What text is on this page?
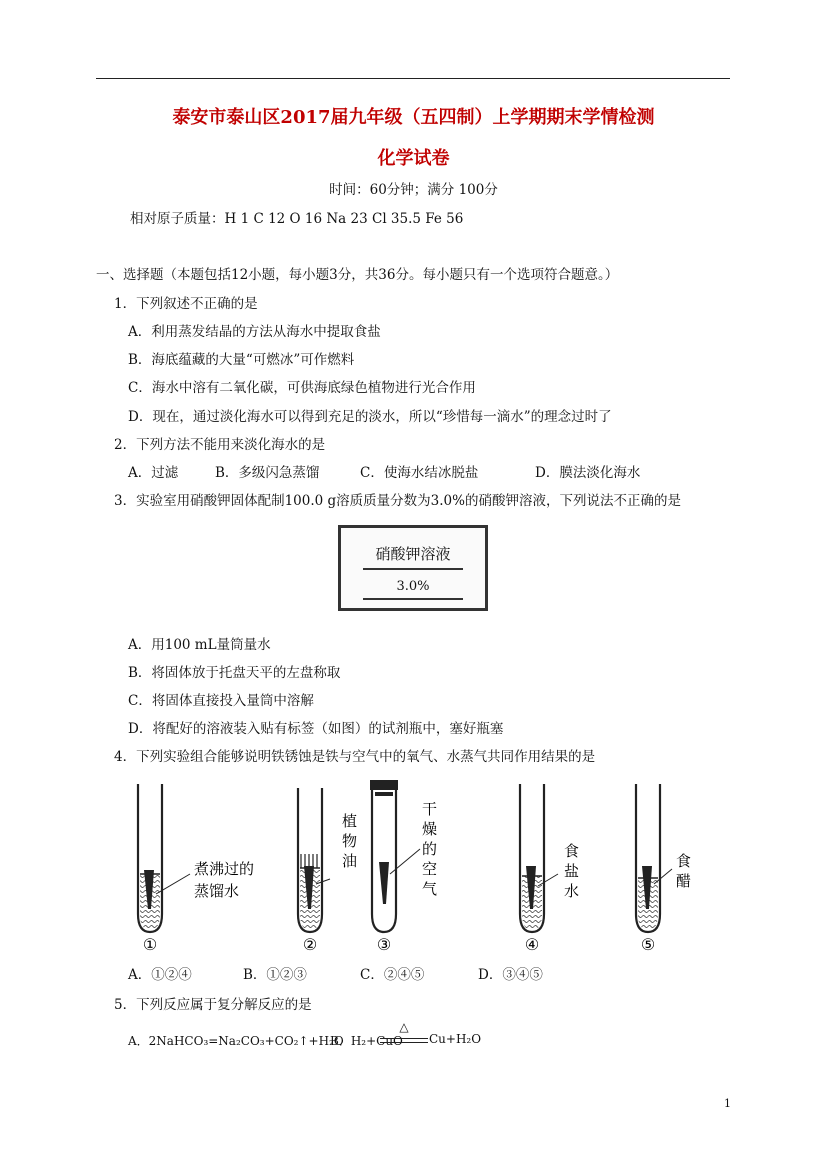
泰安市泰山区2017届九年级（五四制）上学期期末学情检测
化学试卷
时间：60分钟；满分 100分
相对原子质量：H 1 C 12 O 16 Na 23 Cl 35.5 Fe 56
一、选择题（本题包括12小题，每小题3分，共36分。每小题只有一个选项符合题意。）
1．下列叙述不正确的是
A．利用蒸发结晶的方法从海水中提取食盐
B．海底蕴藏的大量“可燃冰”可作燃料
C．海水中溶有二氧化碳，可供海底绿色植物进行光合作用
D．现在，通过淡化海水可以得到充足的淡水，所以“珍惜每一滴水”的理念过时了
2．下列方法不能用来淡化海水的是
A．过滤	B．多级闪急蒸馏	C．使海水结冰脱盐	D．膜法淡化海水
3．实验室用硝酸钾固体配制100.0 g溶质质量分数为3.0%的硝酸钾溶液，下列说法不正确的是
硝酸钾溶液
3.0%
A．用100 mL量筒量水
B．将固体放于托盘天平的左盘称取
C．将固体直接投入量筒中溶解
D．将配好的溶液装入贴有标签（如图）的试剂瓶中，塞好瓶塞
4．下列实验组合能够说明铁锈蚀是铁与空气中的氧气、水蒸气共同作用结果的是
①
煮沸过的
蒸馏水
②
植
物
油
③
干
燥
的
空
气
④
食
盐
水
⑤
食
醋
A．①②④	B．①②③	C．②④⑤	D．③④⑤
5．下列反应属于复分解反应的是
A．2NaHCO₃=Na₂CO₃+CO₂↑+H₂O
B．H₂+CuO
△
Cu+H₂O
1
